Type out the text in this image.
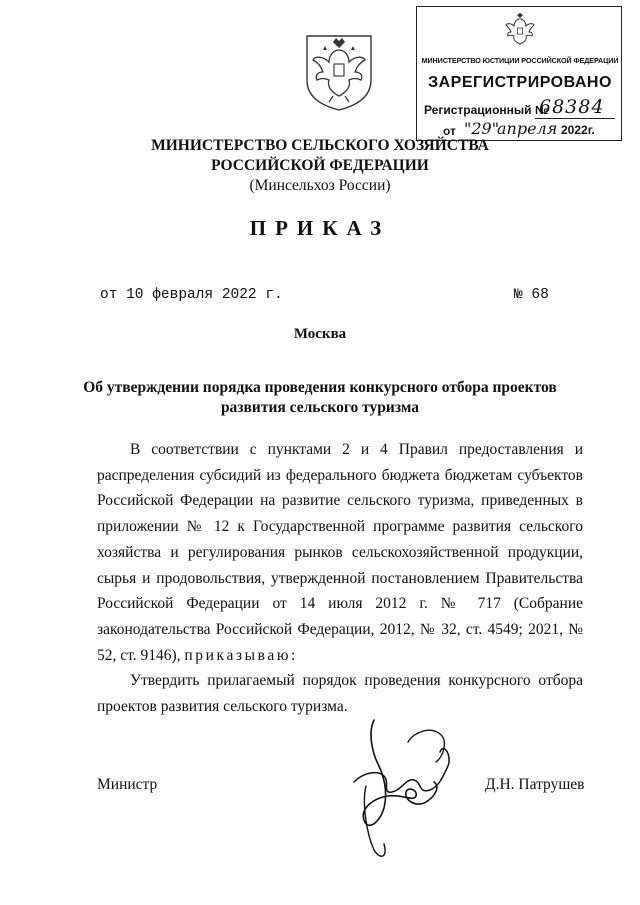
МИНИСТЕРСТВО ЮСТИЦИИ РОССИЙСКОЙ ФЕДЕРАЦИИ
ЗАРЕГИСТРИРОВАНО
Регистрационный №
68384
от "29"
апреля 2022г.
МИНИСТЕРСТВО СЕЛЬСКОГО ХОЗЯЙСТВА
РОССИЙСКОЙ ФЕДЕРАЦИИ
(Минсельхоз России)
ПРИКАЗ
от 10 февраля 2022 г.	№ 68
Москва
Об утверждении порядка проведения конкурсного отбора проектов
развития сельского туризма

В соответствии с пунктами 2 и 4 Правил предоставления и распределения субсидий из федерального бюджета бюджетам субъектов Российской Федерации на развитие сельского туризма, приведенных в приложении № 12 к Государственной программе развития сельского хозяйства и регулирования рынков сельскохозяйственной продукции, сырья и продовольствия, утвержденной постановлением Правительства Российской Федерации от 14 июля 2012 г. № 717 (Собрание законодательства Российской Федерации, 2012, № 32, ст. 4549; 2021, № 52, ст. 9146), приказываю:

Утвердить прилагаемый порядок проведения конкурсного отбора проектов развития сельского туризма.

Министр	Д.Н. Патрушев
